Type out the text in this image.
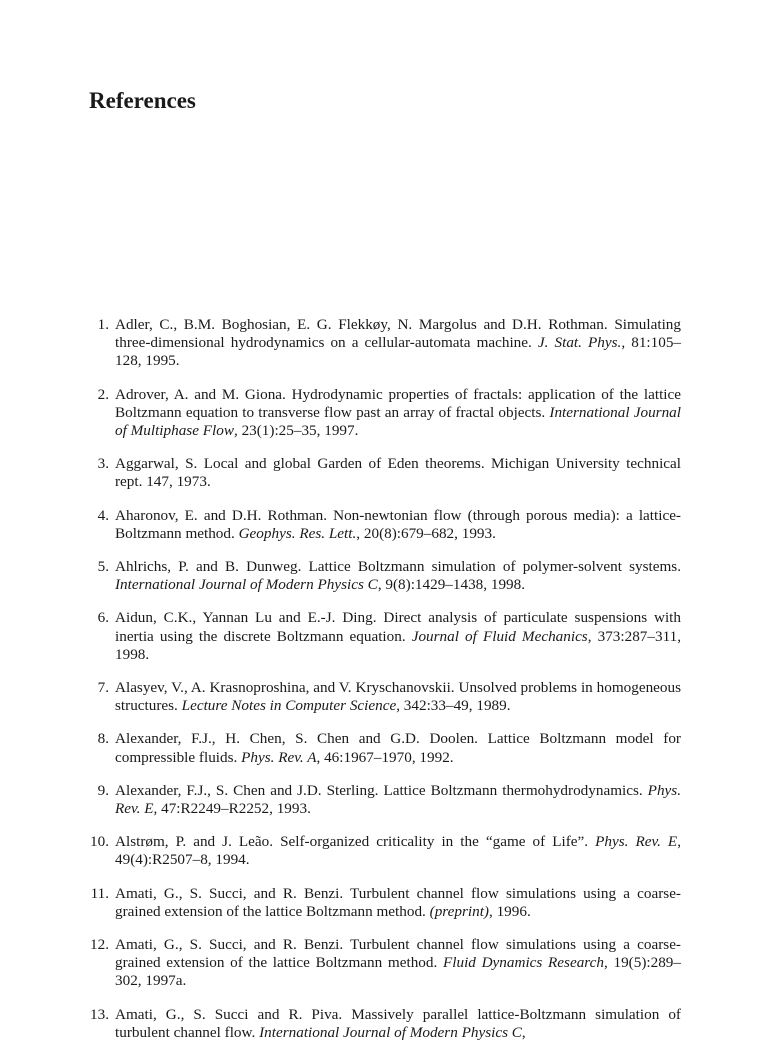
References
1. Adler, C., B.M. Boghosian, E. G. Flekkøy, N. Margolus and D.H. Rothman. Simulating three-dimensional hydrodynamics on a cellular-automata machine. J. Stat. Phys., 81:105–128, 1995.
2. Adrover, A. and M. Giona. Hydrodynamic properties of fractals: application of the lattice Boltzmann equation to transverse flow past an array of fractal objects. International Journal of Multiphase Flow, 23(1):25–35, 1997.
3. Aggarwal, S. Local and global Garden of Eden theorems. Michigan University technical rept. 147, 1973.
4. Aharonov, E. and D.H. Rothman. Non-newtonian flow (through porous media): a lattice-Boltzmann method. Geophys. Res. Lett., 20(8):679–682, 1993.
5. Ahlrichs, P. and B. Dunweg. Lattice Boltzmann simulation of polymer-solvent systems. International Journal of Modern Physics C, 9(8):1429–1438, 1998.
6. Aidun, C.K., Yannan Lu and E.-J. Ding. Direct analysis of particulate suspensions with inertia using the discrete Boltzmann equation. Journal of Fluid Mechanics, 373:287–311, 1998.
7. Alasyev, V., A. Krasnoproshina, and V. Kryschanovskii. Unsolved problems in homogeneous structures. Lecture Notes in Computer Science, 342:33–49, 1989.
8. Alexander, F.J., H. Chen, S. Chen and G.D. Doolen. Lattice Boltzmann model for compressible fluids. Phys. Rev. A, 46:1967–1970, 1992.
9. Alexander, F.J., S. Chen and J.D. Sterling. Lattice Boltzmann thermohydrodynamics. Phys. Rev. E, 47:R2249–R2252, 1993.
10. Alstrøm, P. and J. Leão. Self-organized criticality in the “game of Life”. Phys. Rev. E, 49(4):R2507–8, 1994.
11. Amati, G., S. Succi, and R. Benzi. Turbulent channel flow simulations using a coarse-grained extension of the lattice Boltzmann method. (preprint), 1996.
12. Amati, G., S. Succi, and R. Benzi. Turbulent channel flow simulations using a coarse-grained extension of the lattice Boltzmann method. Fluid Dynamics Research, 19(5):289–302, 1997a.
13. Amati, G., S. Succi and R. Piva. Massively parallel lattice-Boltzmann simulation of turbulent channel flow. International Journal of Modern Physics C,
